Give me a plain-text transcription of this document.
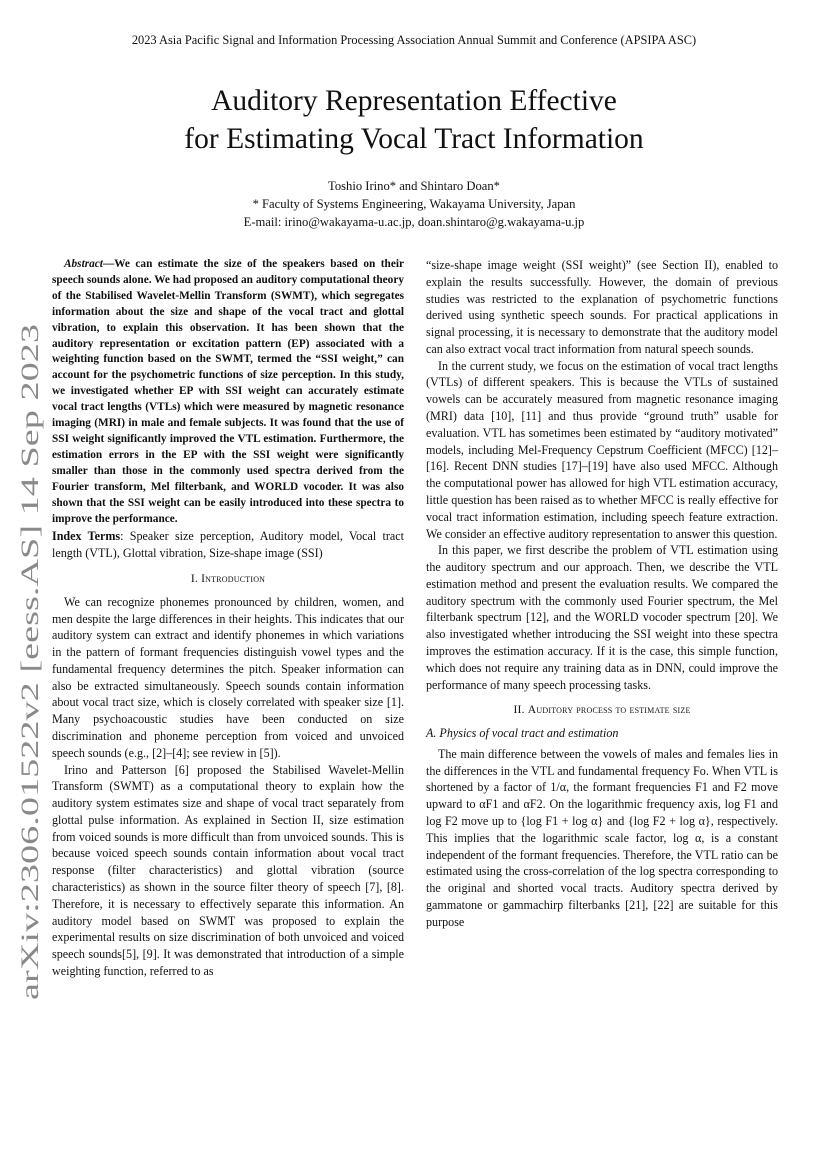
2023 Asia Pacific Signal and Information Processing Association Annual Summit and Conference (APSIPA ASC)
Auditory Representation Effective
for Estimating Vocal Tract Information
Toshio Irino* and Shintaro Doan*
* Faculty of Systems Engineering, Wakayama University, Japan
E-mail: irino@wakayama-u.ac.jp, doan.shintaro@g.wakayama-u.jp
arXiv:2306.01522v2 [eess.AS] 14 Sep 2023

Abstract—We can estimate the size of the speakers based on their speech sounds alone. We had proposed an auditory computational theory of the Stabilised Wavelet-Mellin Transform (SWMT), which segregates information about the size and shape of the vocal tract and glottal vibration, to explain this observation. It has been shown that the auditory representation or excitation pattern (EP) associated with a weighting function based on the SWMT, termed the “SSI weight,” can account for the psychometric functions of size perception. In this study, we investigated whether EP with SSI weight can accurately estimate vocal tract lengths (VTLs) which were measured by magnetic resonance imaging (MRI) in male and female subjects. It was found that the use of SSI weight significantly improved the VTL estimation. Furthermore, the estimation errors in the EP with the SSI weight were significantly smaller than those in the commonly used spectra derived from the Fourier transform, Mel filterbank, and WORLD vocoder. It was also shown that the SSI weight can be easily introduced into these spectra to improve the performance.

Index Terms: Speaker size perception, Auditory model, Vocal tract length (VTL), Glottal vibration, Size-shape image (SSI)

I. Introduction

We can recognize phonemes pronounced by children, women, and men despite the large differences in their heights. This indicates that our auditory system can extract and identify phonemes in which variations in the pattern of formant frequencies distinguish vowel types and the fundamental frequency determines the pitch. Speaker information can also be extracted simultaneously. Speech sounds contain information about vocal tract size, which is closely correlated with speaker size [1]. Many psychoacoustic studies have been conducted on size discrimination and phoneme perception from voiced and unvoiced speech sounds (e.g., [2]–[4]; see review in [5]).

Irino and Patterson [6] proposed the Stabilised Wavelet-Mellin Transform (SWMT) as a computational theory to explain how the auditory system estimates size and shape of vocal tract separately from glottal pulse information. As explained in Section II, size estimation from voiced sounds is more difficult than from unvoiced sounds. This is because voiced speech sounds contain information about vocal tract response (filter characteristics) and glottal vibration (source characteristics) as shown in the source filter theory of speech [7], [8]. Therefore, it is necessary to effectively separate this information. An auditory model based on SWMT was proposed to explain the experimental results on size discrimination of both unvoiced and voiced speech sounds[5], [9]. It was demonstrated that introduction of a simple weighting function, referred to as

“size-shape image weight (SSI weight)” (see Section II), enabled to explain the results successfully. However, the domain of previous studies was restricted to the explanation of psychometric functions derived using synthetic speech sounds. For practical applications in signal processing, it is necessary to demonstrate that the auditory model can also extract vocal tract information from natural speech sounds.

In the current study, we focus on the estimation of vocal tract lengths (VTLs) of different speakers. This is because the VTLs of sustained vowels can be accurately measured from magnetic resonance imaging (MRI) data [10], [11] and thus provide “ground truth” usable for evaluation. VTL has sometimes been estimated by “auditory motivated” models, including Mel-Frequency Cepstrum Coefficient (MFCC) [12]–[16]. Recent DNN studies [17]–[19] have also used MFCC. Although the computational power has allowed for high VTL estimation accuracy, little question has been raised as to whether MFCC is really effective for vocal tract information estimation, including speech feature extraction. We consider an effective auditory representation to answer this question.

In this paper, we first describe the problem of VTL estimation using the auditory spectrum and our approach. Then, we describe the VTL estimation method and present the evaluation results. We compared the auditory spectrum with the commonly used Fourier spectrum, the Mel filterbank spectrum [12], and the WORLD vocoder spectrum [20]. We also investigated whether introducing the SSI weight into these spectra improves the estimation accuracy. If it is the case, this simple function, which does not require any training data as in DNN, could improve the performance of many speech processing tasks.

II. Auditory process to estimate size
A. Physics of vocal tract and estimation

The main difference between the vowels of males and females lies in the differences in the VTL and fundamental frequency Fo. When VTL is shortened by a factor of 1/α, the formant frequencies F1 and F2 move upward to αF1 and αF2. On the logarithmic frequency axis, log F1 and log F2 move up to {log F1 + log α} and {log F2 + log α}, respectively. This implies that the logarithmic scale factor, log α, is a constant independent of the formant frequencies. Therefore, the VTL ratio can be estimated using the cross-correlation of the log spectra corresponding to the original and shorted vocal tracts. Auditory spectra derived by gammatone or gammachirp filterbanks [21], [22] are suitable for this purpose
